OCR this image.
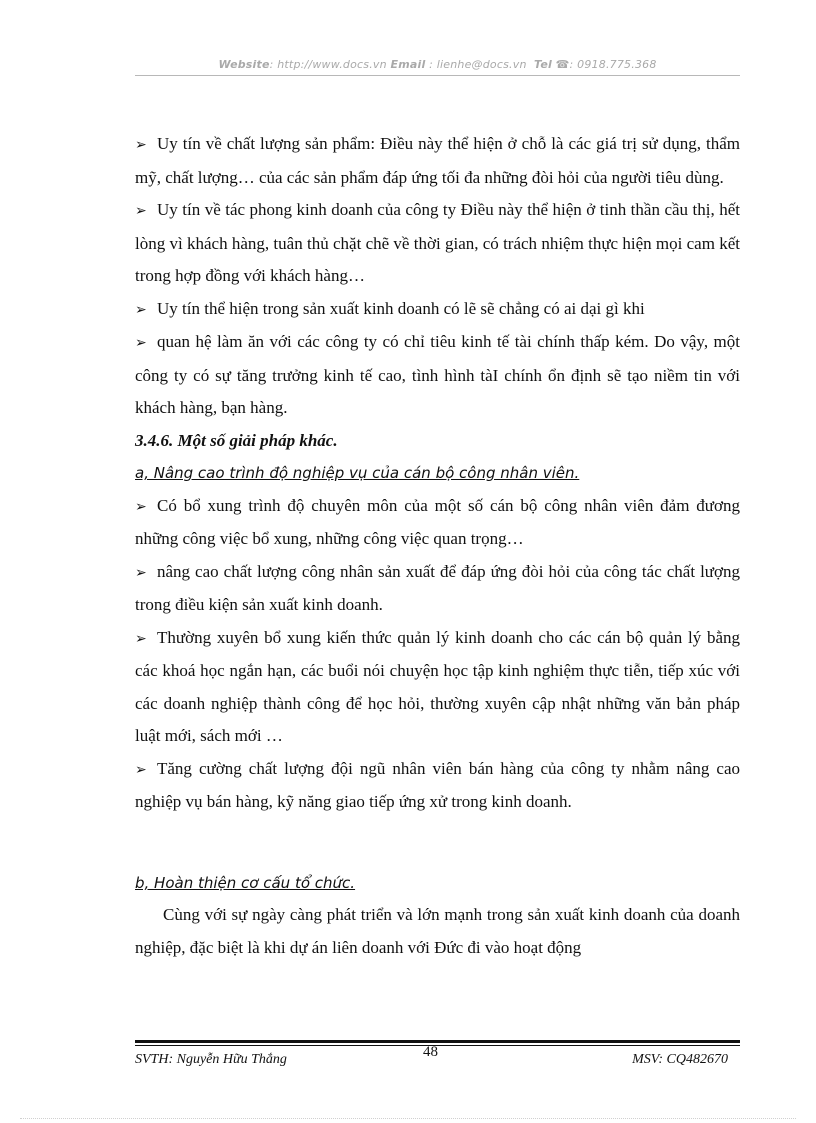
Website: http://www.docs.vn Email : lienhe@docs.vn Tel ☎: 0918.775.368

➢ Uy tín về chất lượng sản phẩm: Điều này thể hiện ở chỗ là các giá trị sử dụng, thẩm mỹ, chất lượng… của các sản phẩm đáp ứng tối đa những đòi hỏi của người tiêu dùng.

➢ Uy tín về tác phong kinh doanh của công ty Điều này thể hiện ở tinh thần cầu thị, hết lòng vì khách hàng, tuân thủ chặt chẽ về thời gian, có trách nhiệm thực hiện mọi cam kết trong hợp đồng với khách hàng…

➢ Uy tín thể hiện trong sản xuất kinh doanh có lẽ sẽ chẳng có ai dại gì khi

➢ quan hệ làm ăn với các công ty có chỉ tiêu kinh tế tài chính thấp kém. Do vậy, một công ty có sự tăng trưởng kinh tế cao, tình hình tàI chính ổn định sẽ tạo niềm tin với khách hàng, bạn hàng.

3.4.6. Một số giải pháp khác.

a, Nâng cao trình độ nghiệp vụ của cán bộ công nhân viên.

➢ Có bổ xung trình độ chuyên môn của một số cán bộ công nhân viên đảm đương những công việc bổ xung, những công việc quan trọng…

➢ nâng cao chất lượng công nhân sản xuất để đáp ứng đòi hỏi của công tác chất lượng trong điều kiện sản xuất kinh doanh.

➢ Thường xuyên bổ xung kiến thức quản lý kinh doanh cho các cán bộ quản lý bằng các khoá học ngắn hạn, các buổi nói chuyện học tập kinh nghiệm thực tiễn, tiếp xúc với các doanh nghiệp thành công để học hỏi, thường xuyên cập nhật những văn bản pháp luật mới, sách mới …

➢ Tăng cường chất lượng đội ngũ nhân viên bán hàng của công ty nhằm nâng cao nghiệp vụ bán hàng, kỹ năng giao tiếp ứng xử trong kinh doanh.

b, Hoàn thiện cơ cấu tổ chức.

Cùng với sự ngày càng phát triển và lớn mạnh trong sản xuất kinh doanh của doanh nghiệp, đặc biệt là khi dự án liên doanh với Đức đi vào hoạt động

SVTH: Nguyễn Hữu Thắng	48	MSV: CQ482670
